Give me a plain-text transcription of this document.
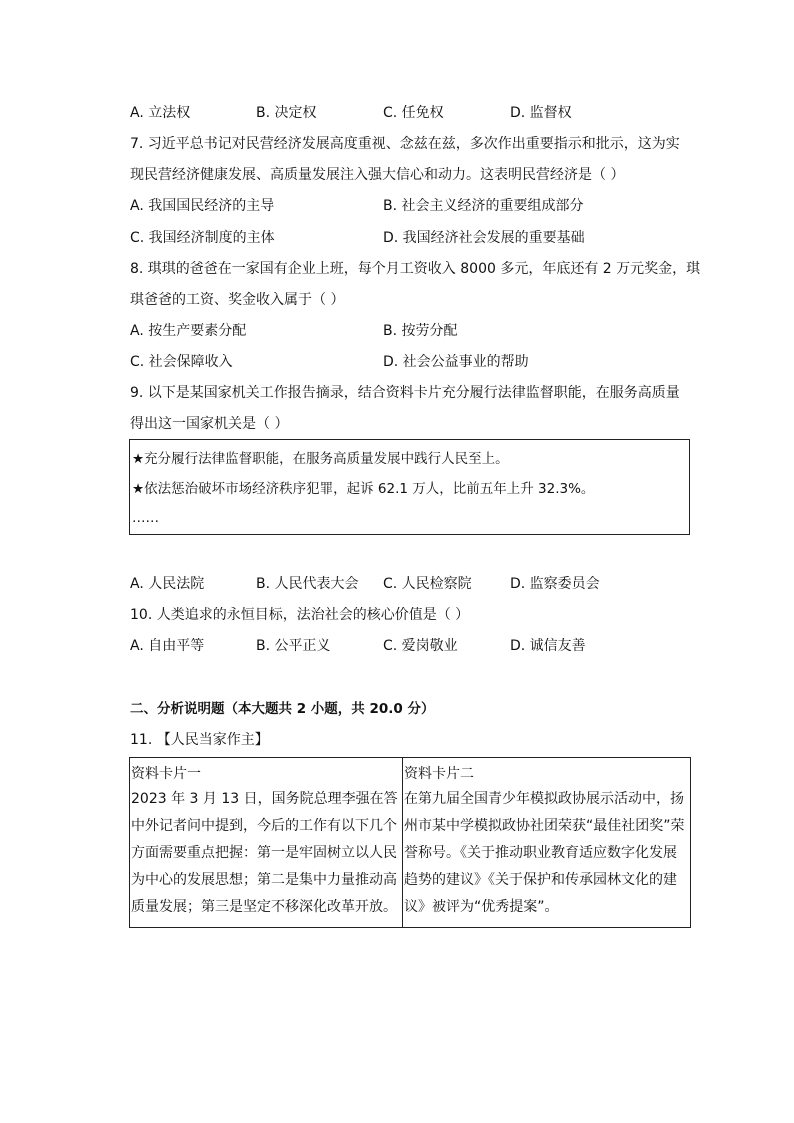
A. 立法权	B. 决定权	C. 任免权	D. 监督权
7. 习近平总书记对民营经济发展高度重视、念兹在兹，多次作出重要指示和批示，这为实
现民营经济健康发展、高质量发展注入强大信心和动力。这表明民营经济是（ ）
A. 我国国民经济的主导	B. 社会主义经济的重要组成部分
C. 我国经济制度的主体	D. 我国经济社会发展的重要基础
8. 琪琪的爸爸在一家国有企业上班，每个月工资收入 8000 多元，年底还有 2 万元奖金，琪
琪爸爸的工资、奖金收入属于（ ）
A. 按生产要素分配	B. 按劳分配
C. 社会保障收入	D. 社会公益事业的帮助
9. 以下是某国家机关工作报告摘录，结合资料卡片充分履行法律监督职能，在服务高质量
得出这一国家机关是（ ）
★充分履行法律监督职能，在服务高质量发展中践行人民至上。
★依法惩治破坏市场经济秩序犯罪，起诉 62.1 万人，比前五年上升 32.3%。
……
A. 人民法院	B. 人民代表大会 C. 人民检察院	D. 监察委员会
10. 人类追求的永恒目标，法治社会的核心价值是（ ）
A. 自由平等	B. 公平正义	C. 爱岗敬业	D. 诚信友善
二、分析说明题（本大题共 2 小题，共 20.0 分）
11. 【人民当家作主】
资料卡片一
2023 年 3 月 13 日，国务院总理李强在答中外记者问中提到，今后的工作有以下几个方面需要重点把握：第一是牢固树立以人民为中心的发展思想；第二是集中力量推动高质量发展；第三是坚定不移深化改革开放。	
资料卡片二
在第九届全国青少年模拟政协展示活动中，扬州市某中学模拟政协社团荣获“最佳社团奖”荣誉称号。《关于推动职业教育适应数字化发展趋势的建议》《关于保护和传承园林文化的建议》被评为“优秀提案”。
